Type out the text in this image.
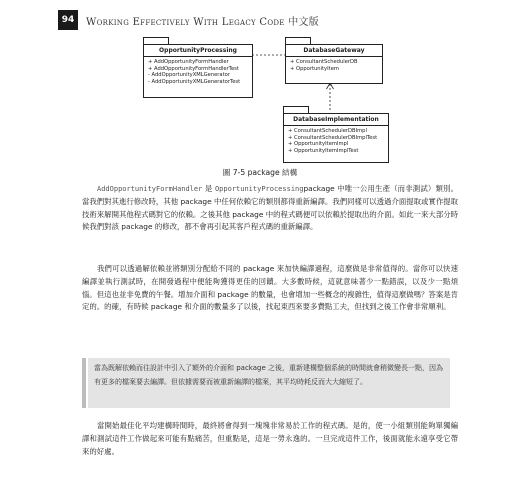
94	Working Effectively With Legacy Code 中文版
OpportunityProcessing
+ AddOpportunityFormHandler
+ AddOpportunityFormHandlerTest
- AddOpportunityXMLGenerator
- AddOpportunityXMLGeneratorTest
DatabaseGateway
+ ConsultantSchedulerDB
+ OpportunityItem
DatabaseImplementation
+ ConsultantSchedulerDBImpl
+ ConsultantSchedulerDBImplTest
+ OpportunityItemImpl
+ OpportunityItemImplTest
圖 7-5 package 結構

AddOpportunityFormHandler 是 OpportunityProcessingpackage 中唯一公用生產（而非測試）類別。當我們對其進行修改時，其他 package 中任何依賴它的類別都得重新編譯。我們同樣可以透過介面提取或實作提取技術來解開其他程式碼對它的依賴。之後其他 package 中的程式碼便可以依賴於提取出的介面。如此一來大部分時候我們對該 package 的修改，都不會再引起其客戶程式碼的重新編譯。

我們可以透過解依賴並將類別分配給不同的 package 來加快編譯過程，這麼做是非常值得的。當你可以快速編譯並執行測試時，在開發過程中便能夠獲得更佳的回饋。大多數時候，這就意味著少一點錯誤，以及少一點煩惱。但這也並非免費的午餐。增加介面和 package 的數量，也會增加一些概念的複雜性，值得這麼做嗎？答案是肯定的。的確，有時候 package 和介面的數量多了以後，找起東西來要多費點工夫，但找到之後工作會非常順利。

當為既解依賴而往設計中引入了額外的介面和 package 之後，重新建構整個系統的時間就會稍微變長一點，因為有更多的檔案要去編譯。但依據需要而被重新編譯的檔案，其平均時耗反而大大縮短了。

當開始最佳化平均建構時間時，最終將會得到一塊塊非常易於工作的程式碼。是的，使一小組類別能夠單獨編譯和測試這件工作做起來可能有點痛苦，但重點是，這是一勞永逸的。一旦完成這件工作，後面就能永遠享受它帶來的好處。
